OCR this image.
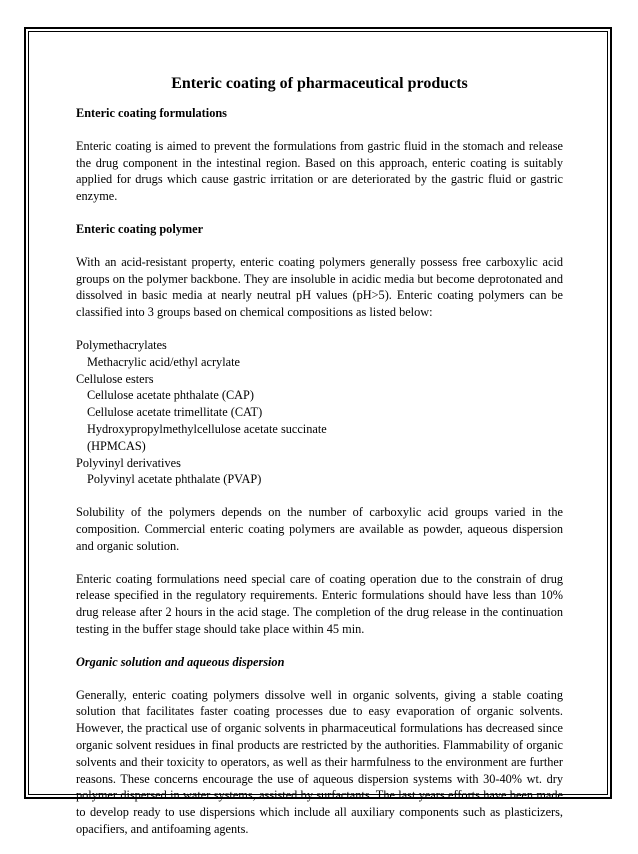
Enteric coating of pharmaceutical products
Enteric coating formulations

Enteric coating is aimed to prevent the formulations from gastric fluid in the stomach and release the drug component in the intestinal region. Based on this approach, enteric coating is suitably applied for drugs which cause gastric irritation or are deteriorated by the gastric fluid or gastric enzyme.

Enteric coating polymer

With an acid-resistant property, enteric coating polymers generally possess free carboxylic acid groups on the polymer backbone. They are insoluble in acidic media but become deprotonated and dissolved in basic media at nearly neutral pH values (pH>5). Enteric coating polymers can be classified into 3 groups based on chemical compositions as listed below:

Polymethacrylates
Methacrylic acid/ethyl acrylate
Cellulose esters
Cellulose acetate phthalate (CAP)
Cellulose acetate trimellitate (CAT)
Hydroxypropylmethylcellulose acetate succinate
(HPMCAS)
Polyvinyl derivatives
Polyvinyl acetate phthalate (PVAP)

Solubility of the polymers depends on the number of carboxylic acid groups varied in the composition. Commercial enteric coating polymers are available as powder, aqueous dispersion and organic solution.

Enteric coating formulations need special care of coating operation due to the constrain of drug release specified in the regulatory requirements. Enteric formulations should have less than 10% drug release after 2 hours in the acid stage. The completion of the drug release in the continuation testing in the buffer stage should take place within 45 min.

Organic solution and aqueous dispersion

Generally, enteric coating polymers dissolve well in organic solvents, giving a stable coating solution that facilitates faster coating processes due to easy evaporation of organic solvents. However, the practical use of organic solvents in pharmaceutical formulations has decreased since organic solvent residues in final products are restricted by the authorities. Flammability of organic solvents and their toxicity to operators, as well as their harmfulness to the environment are further reasons. These concerns encourage the use of aqueous dispersion systems with 30-40% wt. dry polymer dispersed in water systems, assisted by surfactants. The last years efforts have been made to develop ready to use dispersions which include all auxiliary components such as plasticizers, opacifiers, and antifoaming agents.
